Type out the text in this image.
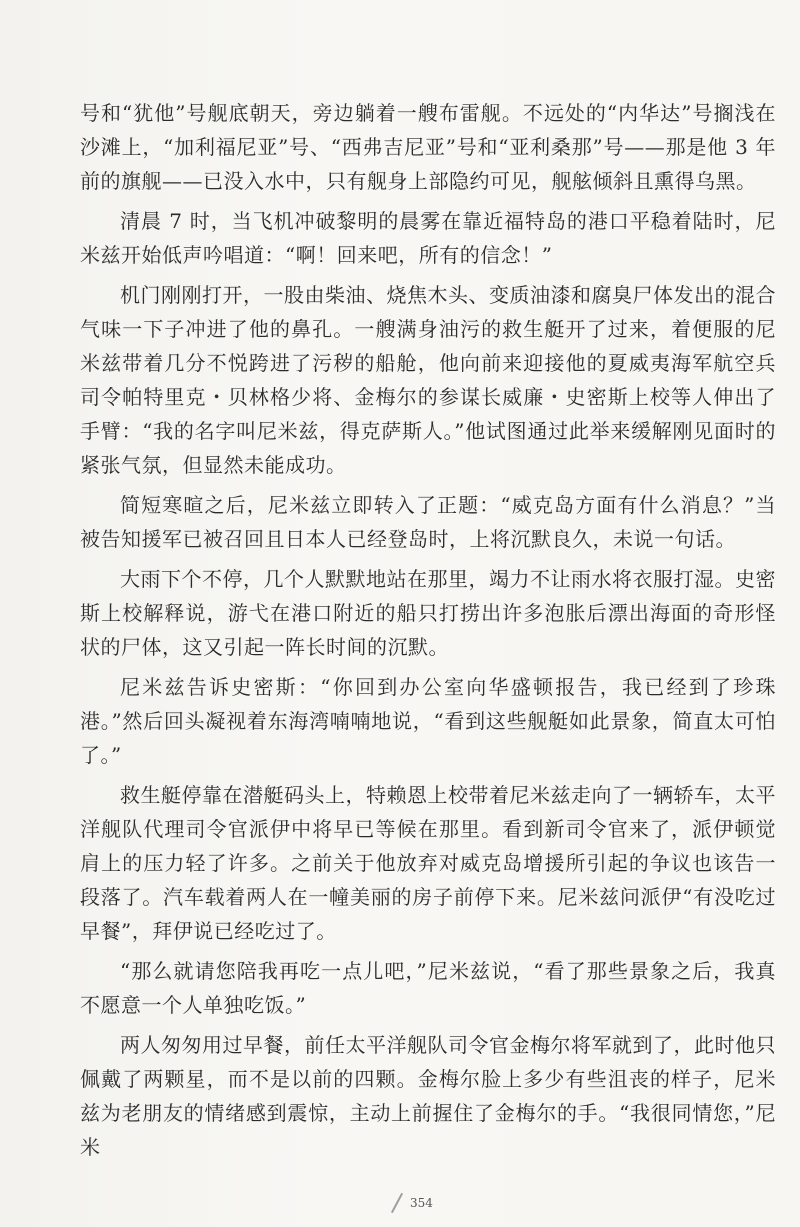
号和“犹他”号舰底朝天，旁边躺着一艘布雷舰。不远处的“内华达”号搁浅在沙滩上，“加利福尼亚”号、“西弗吉尼亚”号和“亚利桑那”号——那是他 3 年前的旗舰——已没入水中，只有舰身上部隐约可见，舰舷倾斜且熏得乌黑。

清晨 7 时，当飞机冲破黎明的晨雾在靠近福特岛的港口平稳着陆时，尼米兹开始低声吟唱道：“啊！回来吧，所有的信念！”

机门刚刚打开，一股由柴油、烧焦木头、变质油漆和腐臭尸体发出的混合气味一下子冲进了他的鼻孔。一艘满身油污的救生艇开了过来，着便服的尼米兹带着几分不悦跨进了污秽的船舱，他向前来迎接他的夏威夷海军航空兵司令帕特里克・贝林格少将、金梅尔的参谋长威廉・史密斯上校等人伸出了手臂：“我的名字叫尼米兹，得克萨斯人。”他试图通过此举来缓解刚见面时的紧张气氛，但显然未能成功。

简短寒暄之后，尼米兹立即转入了正题：“威克岛方面有什么消息？”当被告知援军已被召回且日本人已经登岛时，上将沉默良久，未说一句话。

大雨下个不停，几个人默默地站在那里，竭力不让雨水将衣服打湿。史密斯上校解释说，游弋在港口附近的船只打捞出许多泡胀后漂出海面的奇形怪状的尸体，这又引起一阵长时间的沉默。

尼米兹告诉史密斯：“你回到办公室向华盛顿报告，我已经到了珍珠港。”然后回头凝视着东海湾喃喃地说，“看到这些舰艇如此景象，简直太可怕了。”

救生艇停靠在潜艇码头上，特赖恩上校带着尼米兹走向了一辆轿车，太平洋舰队代理司令官派伊中将早已等候在那里。看到新司令官来了，派伊顿觉肩上的压力轻了许多。之前关于他放弃对威克岛增援所引起的争议也该告一段落了。汽车载着两人在一幢美丽的房子前停下来。尼米兹问派伊“有没吃过早餐”，拜伊说已经吃过了。

“那么就请您陪我再吃一点儿吧，”尼米兹说，“看了那些景象之后，我真不愿意一个人单独吃饭。”

两人匆匆用过早餐，前任太平洋舰队司令官金梅尔将军就到了，此时他只佩戴了两颗星，而不是以前的四颗。金梅尔脸上多少有些沮丧的样子，尼米兹为老朋友的情绪感到震惊，主动上前握住了金梅尔的手。“我很同情您，”尼米

354
